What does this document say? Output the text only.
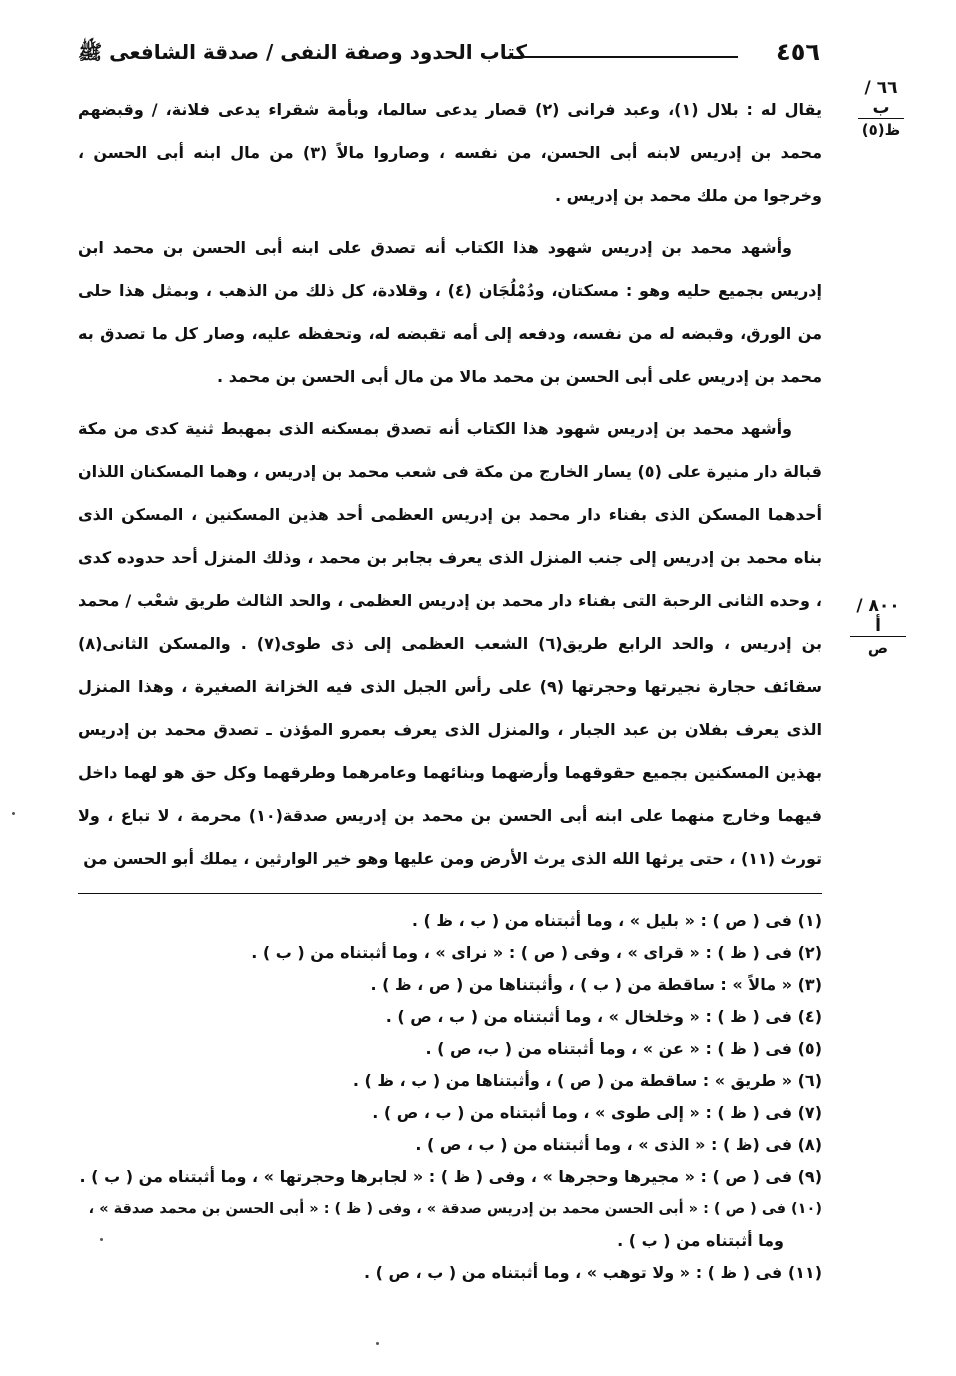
٤٥٦
كتاب الحدود وصفة النفى / صدقة الشافعى ﷺ
٦٦ / ب
ظ(٥)
٨٠٠ / أ
ص

يقال له : بلال (١)، وعبد فرانى (٢) قصار يدعى سالما، وبأمة شقراء يدعى فلانة، / وقبضهم محمد بن إدريس لابنه أبى الحسن، من نفسه ، وصاروا مالاً (٣) من مال ابنه أبى الحسن ، وخرجوا من ملك محمد بن إدريس .

وأشهد محمد بن إدريس شهود هذا الكتاب أنه تصدق على ابنه أبى الحسن بن محمد ابن إدريس بجميع حليه وهو : مسكتان، ودُمْلُجَان (٤) ، وقلادة، كل ذلك من الذهب ، وبمثل هذا حلى من الورق، وقبضه له من نفسه، ودفعه إلى أمه تقبضه له، وتحفظه عليه، وصار كل ما تصدق به محمد بن إدريس على أبى الحسن بن محمد مالا من مال أبى الحسن بن محمد .

وأشهد محمد بن إدريس شهود هذا الكتاب أنه تصدق بمسكنه الذى بمهبط ثنية كدى من مكة قبالة دار منيرة على (٥) يسار الخارج من مكة فى شعب محمد بن إدريس ، وهما المسكنان اللذان أحدهما المسكن الذى بفناء دار محمد بن إدريس العظمى أحد هذين المسكنين ، المسكن الذى بناه محمد بن إدريس إلى جنب المنزل الذى يعرف بجابر بن محمد ، وذلك المنزل أحد حدوده كدى ، وحده الثانى الرحبة التى بفناء دار محمد بن إدريس العظمى ، والحد الثالث طريق شعْب / محمد بن إدريس ، والحد الرابع طريق(٦) الشعب العظمى إلى ذى طوى(٧) . والمسكن الثانى(٨) سقائف حجارة نجيرتها وحجرتها (٩) على رأس الجبل الذى فيه الخزانة الصغيرة ، وهذا المنزل الذى يعرف بفلان بن عبد الجبار ، والمنزل الذى يعرف بعمرو المؤذن ـ تصدق محمد بن إدريس بهذين المسكنين بجميع حقوقهما وأرضهما وبنائهما وعامرهما وطرقهما وكل حق هو لهما داخل فيهما وخارج منهما على ابنه أبى الحسن بن محمد بن إدريس صدقة(١٠) محرمة ، لا تباع ، ولا تورث (١١) ، حتى يرثها الله الذى يرث الأرض ومن عليها وهو خير الوارثين ، يملك أبو الحسن من

(١) فى ( ص ) : « بليل » ، وما أثبتناه من ( ب ، ظ ) .

(٢) فى ( ظ ) : « قراى » ، وفى ( ص ) : « نراى » ، وما أثبتناه من ( ب ) .

(٣) « مالاً » : ساقطة من ( ب ) ، وأثبتناها من ( ص ، ظ ) .

(٤) فى ( ظ ) : « وخلخال » ، وما أثبتناه من ( ب ، ص ) .

(٥) فى ( ظ ) : « عن » ، وما أثبتناه من ( ب، ص ) .

(٦) « طريق » : ساقطة من ( ص ) ، وأثبتناها من ( ب ، ظ ) .

(٧) فى ( ظ ) : « إلى طوى » ، وما أثبتناه من ( ب ، ص ) .

(٨) فى (ظ ) : « الذى » ، وما أثبتناه من ( ب ، ص ) .

(٩) فى ( ص ) : « مجيرها وحجرها » ، وفى ( ظ ) : « لجابرها وحجرتها » ، وما أثبتناه من ( ب ) .

(١٠) فى ( ص ) : « أبى الحسن محمد بن إدريس صدقة » ، وفى ( ظ ) : « أبى الحسن بن محمد صدقة » ،

وما أثبتناه من ( ب ) .

(١١) فى ( ظ ) : « ولا توهب » ، وما أثبتناه من ( ب ، ص ) .
